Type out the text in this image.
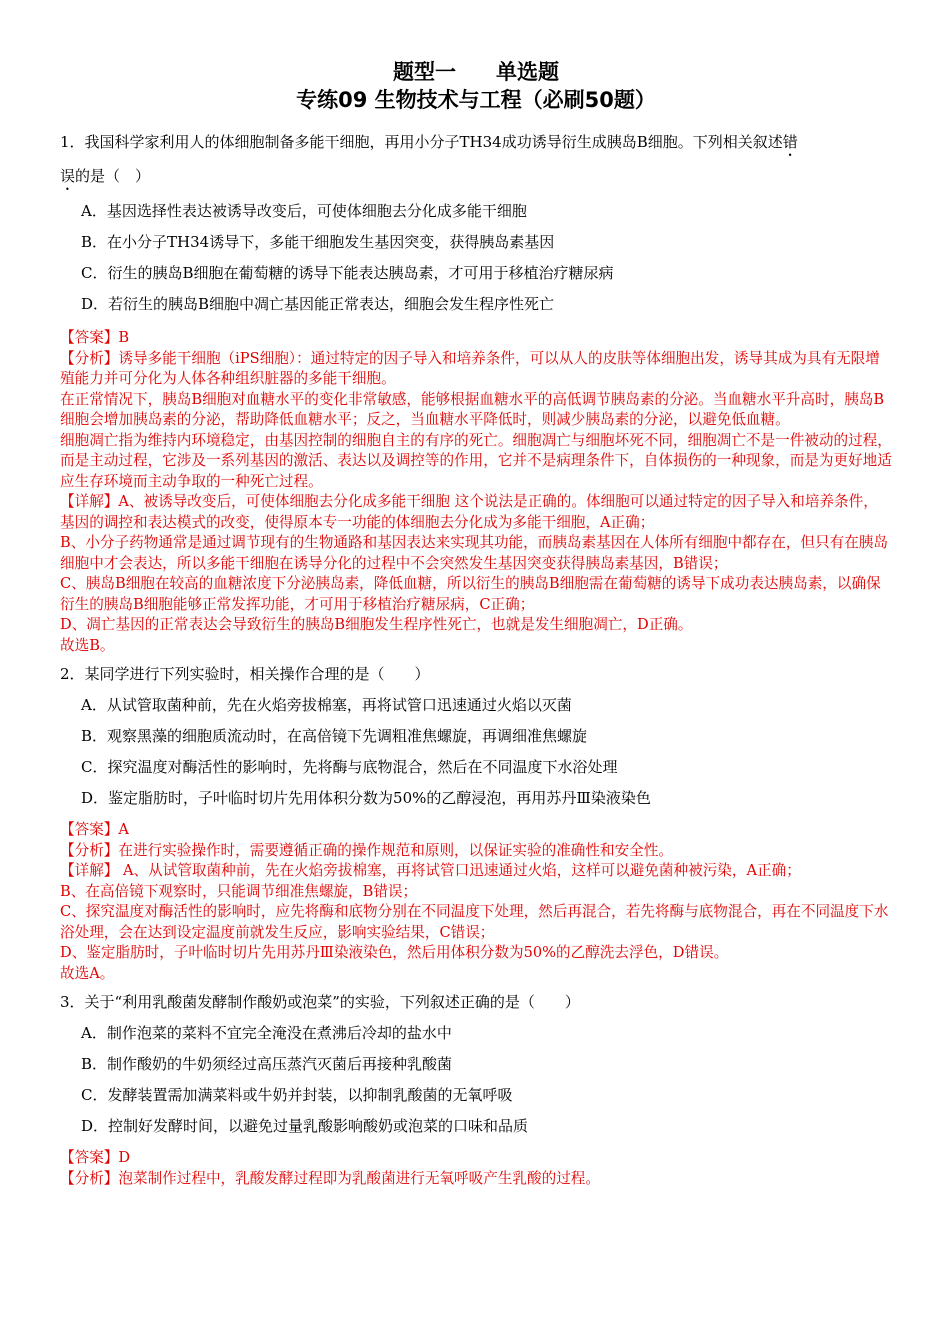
题型一 单选题
专练09 生物技术与工程（必刷50题）
1．我国科学家利用人的体细胞制备多能干细胞，再用小分子TH34成功诱导衍生成胰岛B细胞。下列相关叙述错
误的是（　）
A．基因选择性表达被诱导改变后，可使体细胞去分化成多能干细胞
B．在小分子TH34诱导下，多能干细胞发生基因突变，获得胰岛素基因
C．衍生的胰岛B细胞在葡萄糖的诱导下能表达胰岛素，才可用于移植治疗糖尿病
D．若衍生的胰岛B细胞中凋亡基因能正常表达，细胞会发生程序性死亡

【答案】B

【分析】诱导多能干细胞（iPS细胞）：通过特定的因子导入和培养条件，可以从人的皮肤等体细胞出发，诱导其成为具有无限增殖能力并可分化为人体各种组织脏器的多能干细胞。

在正常情况下，胰岛B细胞对血糖水平的变化非常敏感，能够根据血糖水平的高低调节胰岛素的分泌。当血糖水平升高时，胰岛B细胞会增加胰岛素的分泌，帮助降低血糖水平；反之，当血糖水平降低时，则减少胰岛素的分泌，以避免低血糖。

细胞凋亡指为维持内环境稳定，由基因控制的细胞自主的有序的死亡。细胞凋亡与细胞坏死不同，细胞凋亡不是一件被动的过程，而是主动过程，它涉及一系列基因的激活、表达以及调控等的作用，它并不是病理条件下，自体损伤的一种现象，而是为更好地适应生存环境而主动争取的一种死亡过程。

【详解】A、被诱导改变后，可使体细胞去分化成多能干细胞 这个说法是正确的。体细胞可以通过特定的因子导入和培养条件，基因的调控和表达模式的改变，使得原本专一功能的体细胞去分化成为多能干细胞，A正确；

B、小分子药物通常是通过调节现有的生物通路和基因表达来实现其功能，而胰岛素基因在人体所有细胞中都存在，但只有在胰岛细胞中才会表达，所以多能干细胞在诱导分化的过程中不会突然发生基因突变获得胰岛素基因，B错误；

C、胰岛B细胞在较高的血糖浓度下分泌胰岛素，降低血糖，所以衍生的胰岛B细胞需在葡萄糖的诱导下成功表达胰岛素，以确保衍生的胰岛B细胞能够正常发挥功能，才可用于移植治疗糖尿病，C正确；

D、凋亡基因的正常表达会导致衍生的胰岛B细胞发生程序性死亡，也就是发生细胞凋亡，D正确。

故选B。

2．某同学进行下列实验时，相关操作合理的是（　　）
A．从试管取菌种前，先在火焰旁拔棉塞，再将试管口迅速通过火焰以灭菌
B．观察黑藻的细胞质流动时，在高倍镜下先调粗准焦螺旋，再调细准焦螺旋
C．探究温度对酶活性的影响时，先将酶与底物混合，然后在不同温度下水浴处理
D．鉴定脂肪时，子叶临时切片先用体积分数为50%的乙醇浸泡，再用苏丹Ⅲ染液染色

【答案】A

【分析】在进行实验操作时，需要遵循正确的操作规范和原则，以保证实验的准确性和安全性。

【详解】 A、从试管取菌种前，先在火焰旁拔棉塞，再将试管口迅速通过火焰，这样可以避免菌种被污染，A正确；

B、在高倍镜下观察时，只能调节细准焦螺旋，B错误；

C、探究温度对酶活性的影响时，应先将酶和底物分别在不同温度下处理，然后再混合，若先将酶与底物混合，再在不同温度下水浴处理，会在达到设定温度前就发生反应，影响实验结果，C错误；

D、鉴定脂肪时，子叶临时切片先用苏丹Ⅲ染液染色，然后用体积分数为50%的乙醇洗去浮色，D错误。

故选A。

3．关于“利用乳酸菌发酵制作酸奶或泡菜”的实验，下列叙述正确的是（　　）
A．制作泡菜的菜料不宜完全淹没在煮沸后冷却的盐水中
B．制作酸奶的牛奶须经过高压蒸汽灭菌后再接种乳酸菌
C．发酵装置需加满菜料或牛奶并封装，以抑制乳酸菌的无氧呼吸
D．控制好发酵时间，以避免过量乳酸影响酸奶或泡菜的口味和品质

【答案】D

【分析】泡菜制作过程中，乳酸发酵过程即为乳酸菌进行无氧呼吸产生乳酸的过程。
